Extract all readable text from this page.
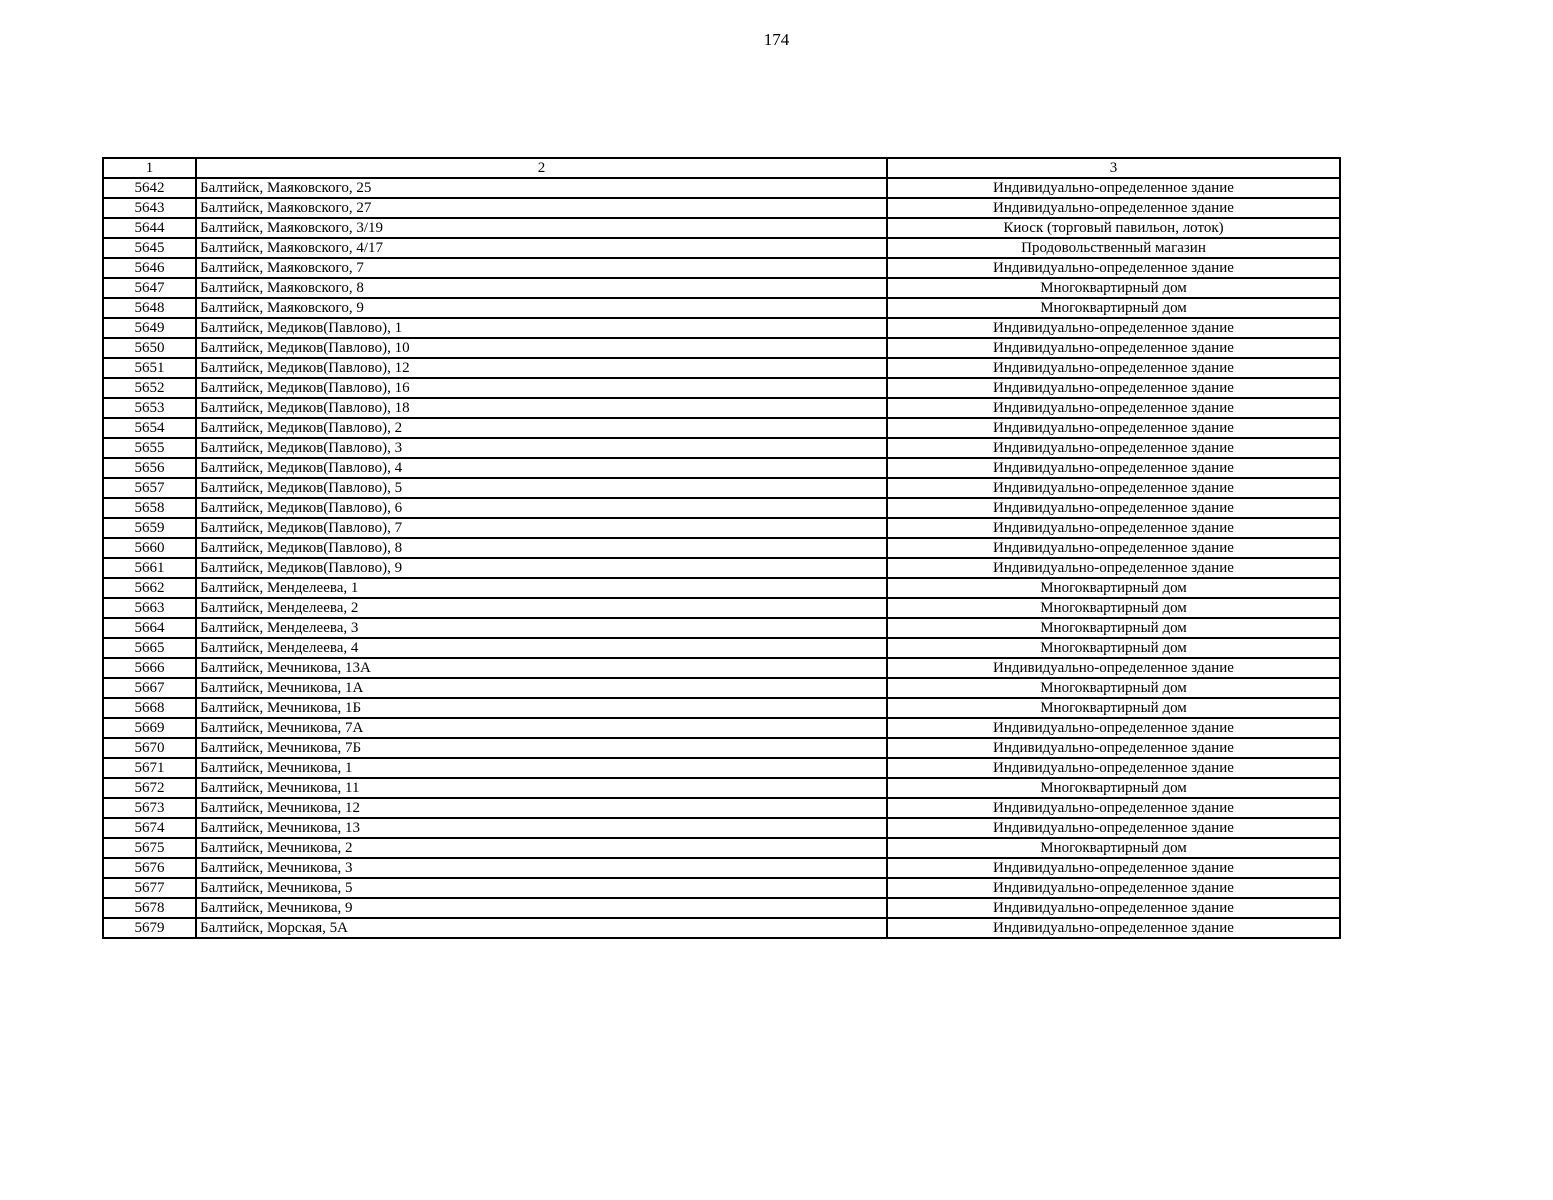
174
1	2	3
5642	Балтийск, Маяковского, 25	Индивидуально-определенное здание
5643	Балтийск, Маяковского, 27	Индивидуально-определенное здание
5644	Балтийск, Маяковского, 3/19	Киоск (торговый павильон, лоток)
5645	Балтийск, Маяковского, 4/17	Продовольственный магазин
5646	Балтийск, Маяковского, 7	Индивидуально-определенное здание
5647	Балтийск, Маяковского, 8	Многоквартирный дом
5648	Балтийск, Маяковского, 9	Многоквартирный дом
5649	Балтийск, Медиков(Павлово), 1	Индивидуально-определенное здание
5650	Балтийск, Медиков(Павлово), 10	Индивидуально-определенное здание
5651	Балтийск, Медиков(Павлово), 12	Индивидуально-определенное здание
5652	Балтийск, Медиков(Павлово), 16	Индивидуально-определенное здание
5653	Балтийск, Медиков(Павлово), 18	Индивидуально-определенное здание
5654	Балтийск, Медиков(Павлово), 2	Индивидуально-определенное здание
5655	Балтийск, Медиков(Павлово), 3	Индивидуально-определенное здание
5656	Балтийск, Медиков(Павлово), 4	Индивидуально-определенное здание
5657	Балтийск, Медиков(Павлово), 5	Индивидуально-определенное здание
5658	Балтийск, Медиков(Павлово), 6	Индивидуально-определенное здание
5659	Балтийск, Медиков(Павлово), 7	Индивидуально-определенное здание
5660	Балтийск, Медиков(Павлово), 8	Индивидуально-определенное здание
5661	Балтийск, Медиков(Павлово), 9	Индивидуально-определенное здание
5662	Балтийск, Менделеева, 1	Многоквартирный дом
5663	Балтийск, Менделеева, 2	Многоквартирный дом
5664	Балтийск, Менделеева, 3	Многоквартирный дом
5665	Балтийск, Менделеева, 4	Многоквартирный дом
5666	Балтийск, Мечникова, 13А	Индивидуально-определенное здание
5667	Балтийск, Мечникова, 1А	Многоквартирный дом
5668	Балтийск, Мечникова, 1Б	Многоквартирный дом
5669	Балтийск, Мечникова, 7А	Индивидуально-определенное здание
5670	Балтийск, Мечникова, 7Б	Индивидуально-определенное здание
5671	Балтийск, Мечникова, 1	Индивидуально-определенное здание
5672	Балтийск, Мечникова, 11	Многоквартирный дом
5673	Балтийск, Мечникова, 12	Индивидуально-определенное здание
5674	Балтийск, Мечникова, 13	Индивидуально-определенное здание
5675	Балтийск, Мечникова, 2	Многоквартирный дом
5676	Балтийск, Мечникова, 3	Индивидуально-определенное здание
5677	Балтийск, Мечникова, 5	Индивидуально-определенное здание
5678	Балтийск, Мечникова, 9	Индивидуально-определенное здание
5679	Балтийск, Морская, 5А	Индивидуально-определенное здание
